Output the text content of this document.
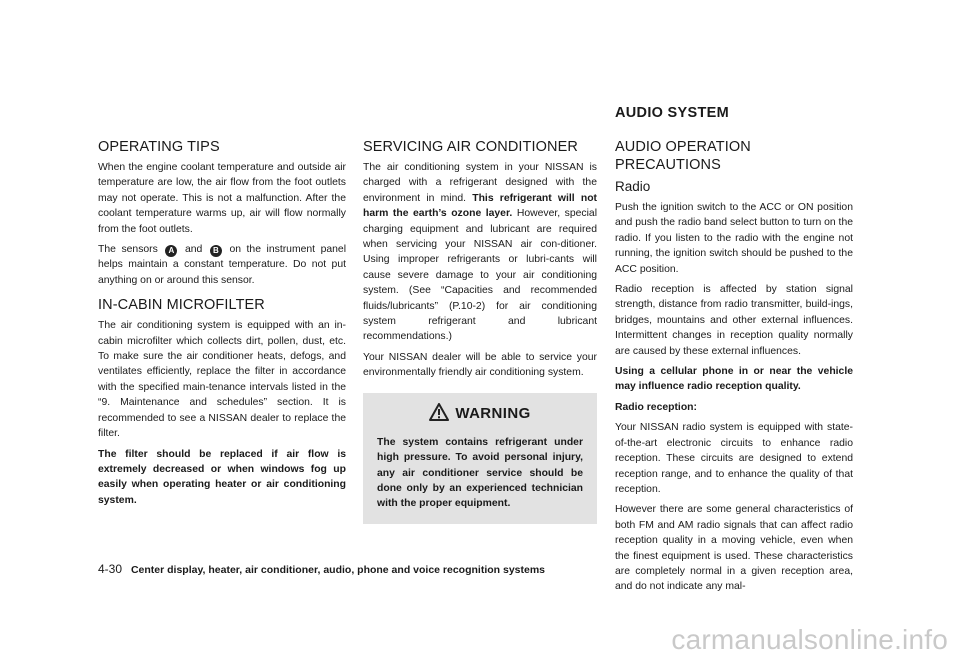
OPERATING TIPS

When the engine coolant temperature and outside air temperature are low, the air flow from the foot outlets may not operate. This is not a malfunction. After the coolant temperature warms up, air will flow normally from the foot outlets.

The sensors A and B on the instrument panel helps maintain a constant temperature. Do not put anything on or around this sensor.

IN-CABIN MICROFILTER

The air conditioning system is equipped with an in-cabin microfilter which collects dirt, pollen, dust, etc. To make sure the air conditioner heats, defogs, and ventilates efficiently, replace the filter in accordance with the specified main-tenance intervals listed in the “9. Maintenance and schedules” section. It is recommended to see a NISSAN dealer to replace the filter.

The filter should be replaced if air flow is extremely decreased or when windows fog up easily when operating heater or air conditioning system.

SERVICING AIR CONDITIONER

The air conditioning system in your NISSAN is charged with a refrigerant designed with the environment in mind. This refrigerant will not harm the earth’s ozone layer. However, special charging equipment and lubricant are required when servicing your NISSAN air con-ditioner. Using improper refrigerants or lubri-cants will cause severe damage to your air conditioning system. (See “Capacities and recommended fluids/lubricants” (P.10-2) for air conditioning system refrigerant and lubricant recommendations.)

Your NISSAN dealer will be able to service your environmentally friendly air conditioning system.

WARNING
The system contains refrigerant under high pressure. To avoid personal injury, any air conditioner service should be done only by an experienced technician with the proper equipment.
AUDIO SYSTEM
AUDIO OPERATION PRECAUTIONS
Radio

Push the ignition switch to the ACC or ON position and push the radio band select button to turn on the radio. If you listen to the radio with the engine not running, the ignition switch should be pushed to the ACC position.

Radio reception is affected by station signal strength, distance from radio transmitter, build-ings, bridges, mountains and other external influences. Intermittent changes in reception quality normally are caused by these external influences.

Using a cellular phone in or near the vehicle may influence radio reception quality.

Radio reception:

Your NISSAN radio system is equipped with state-of-the-art electronic circuits to enhance radio reception. These circuits are designed to extend reception range, and to enhance the quality of that reception.

However there are some general characteristics of both FM and AM radio signals that can affect radio reception quality in a moving vehicle, even when the finest equipment is used. These characteristics are completely normal in a given reception area, and do not indicate any mal-

4-30 Center display, heater, air conditioner, audio, phone and voice recognition systems
carmanualsonline.info
